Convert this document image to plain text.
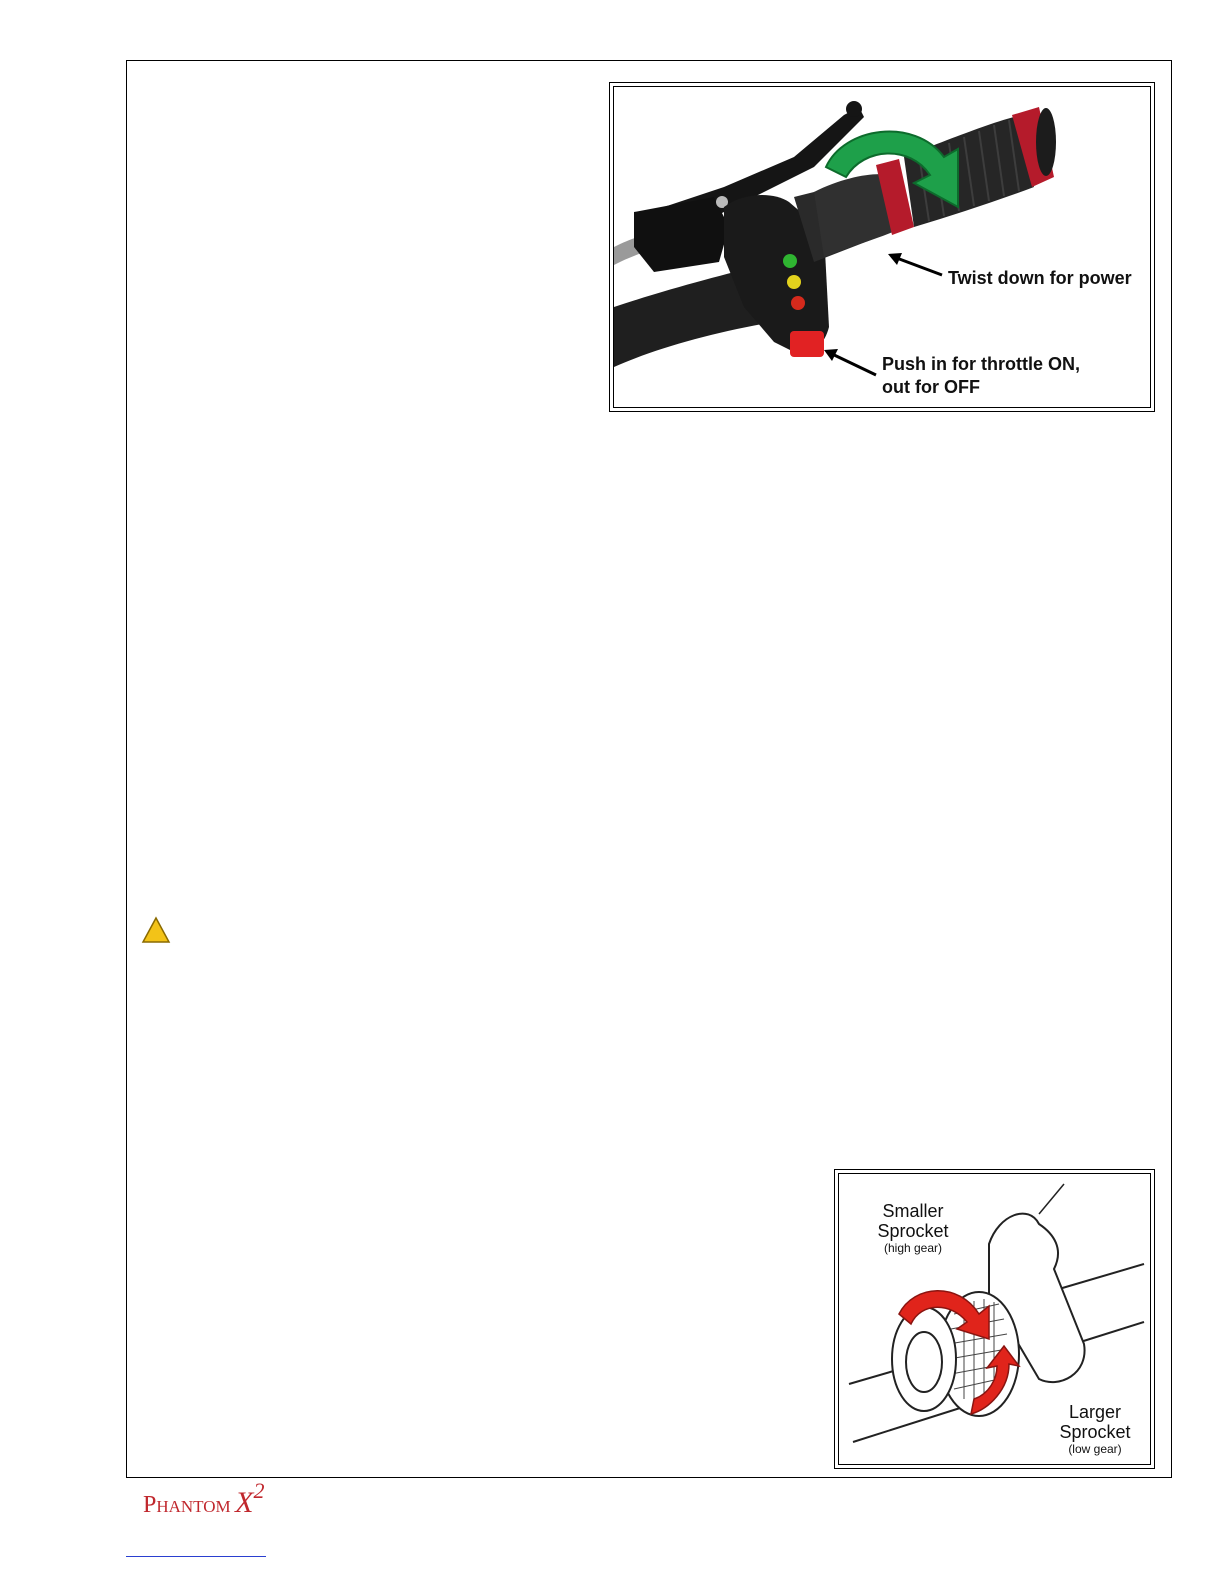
Twist down for power
Push in for throttle ON,
out for OFF
Smaller
Sprocket
(high gear)
Larger
Sprocket
(low gear)
Phantom X2
